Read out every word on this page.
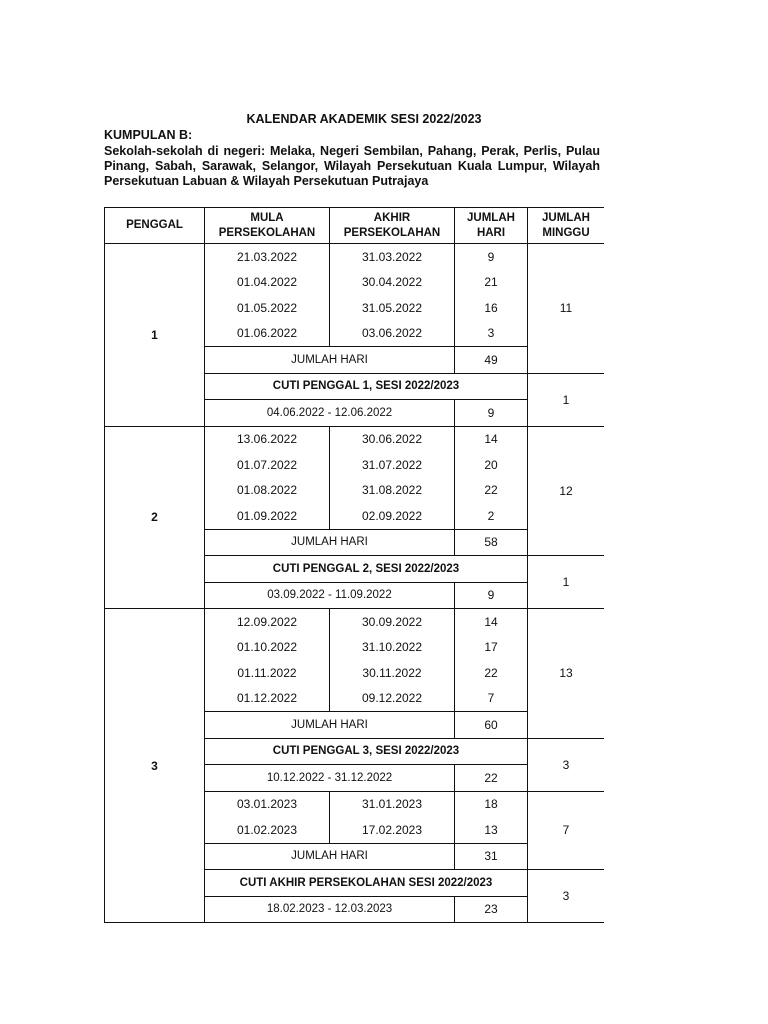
KALENDAR AKADEMIK SESI 2022/2023
KUMPULAN B:
Sekolah-sekolah di negeri: Melaka, Negeri Sembilan, Pahang, Perak, Perlis, Pulau Pinang, Sabah, Sarawak, Selangor, Wilayah Persekutuan Kuala Lumpur, Wilayah Persekutuan Labuan & Wilayah Persekutuan Putrajaya
PENGGAL	MULA PERSEKOLAHAN	AKHIR PERSEKOLAHAN	JUMLAH HARI	JUMLAH MINGGU
1	21.03.2022	31.03.2022	9	11
	01.04.2022	30.04.2022	21	
	01.05.2022	31.05.2022	16	
	01.06.2022	03.06.2022	3	
	JUMLAH HARI		49	
	CUTI PENGGAL 1, SESI 2022/2023			1
	04.06.2022 - 12.06.2022		9	
2	13.06.2022	30.06.2022	14	12
	01.07.2022	31.07.2022	20	
	01.08.2022	31.08.2022	22	
	01.09.2022	02.09.2022	2	
	JUMLAH HARI		58	
	CUTI PENGGAL 2, SESI 2022/2023			1
	03.09.2022 - 11.09.2022		9	
3	12.09.2022	30.09.2022	14	13
	01.10.2022	31.10.2022	17	
	01.11.2022	30.11.2022	22	
	01.12.2022	09.12.2022	7	
	JUMLAH HARI		60	
	CUTI PENGGAL 3, SESI 2022/2023			3
	10.12.2022 - 31.12.2022		22	
	03.01.2023	31.01.2023	18	7
	01.02.2023	17.02.2023	13	
	JUMLAH HARI		31	
	CUTI AKHIR PERSEKOLAHAN SESI 2022/2023			3
	18.02.2023 - 12.03.2023		23	
